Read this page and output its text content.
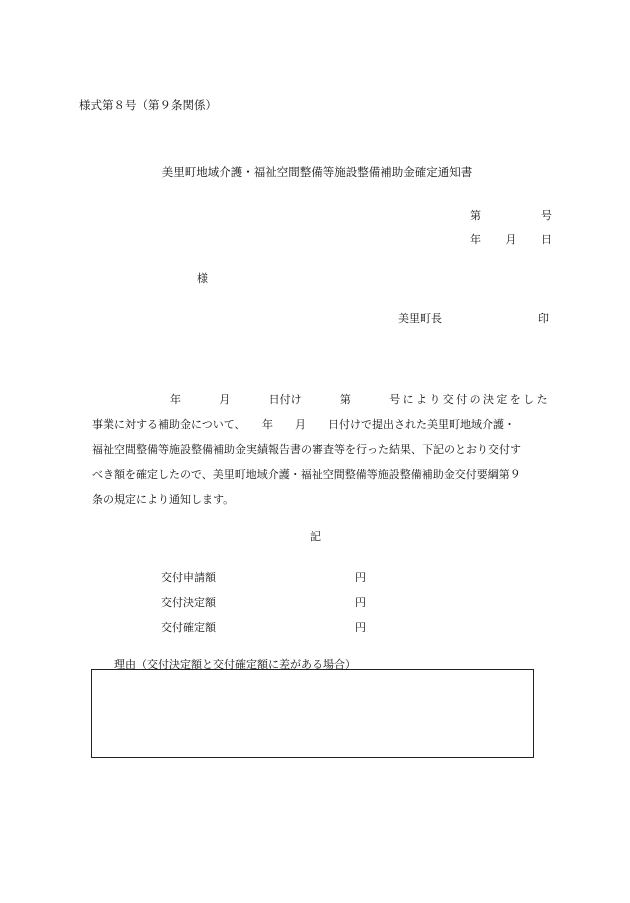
様式第８号（第９条関係）
美里町地域介護・福祉空間整備等施設整備補助金確定通知書
第	号
年 月 日
様
美里町長	印
年	月	日付け	第	号により交付の決定をした
事業に対する補助金について、　　年　　月　　日付けで提出された美里町地域介護・
福祉空間整備等施設整備補助金実績報告書の審査等を行った結果、下記のとおり交付す
べき額を確定したので、美里町地域介護・福祉空間整備等施設整備補助金交付要綱第９
条の規定により通知します。
記
交付申請額	円
交付決定額	円
交付確定額	円
理由（交付決定額と交付確定額に差がある場合）
